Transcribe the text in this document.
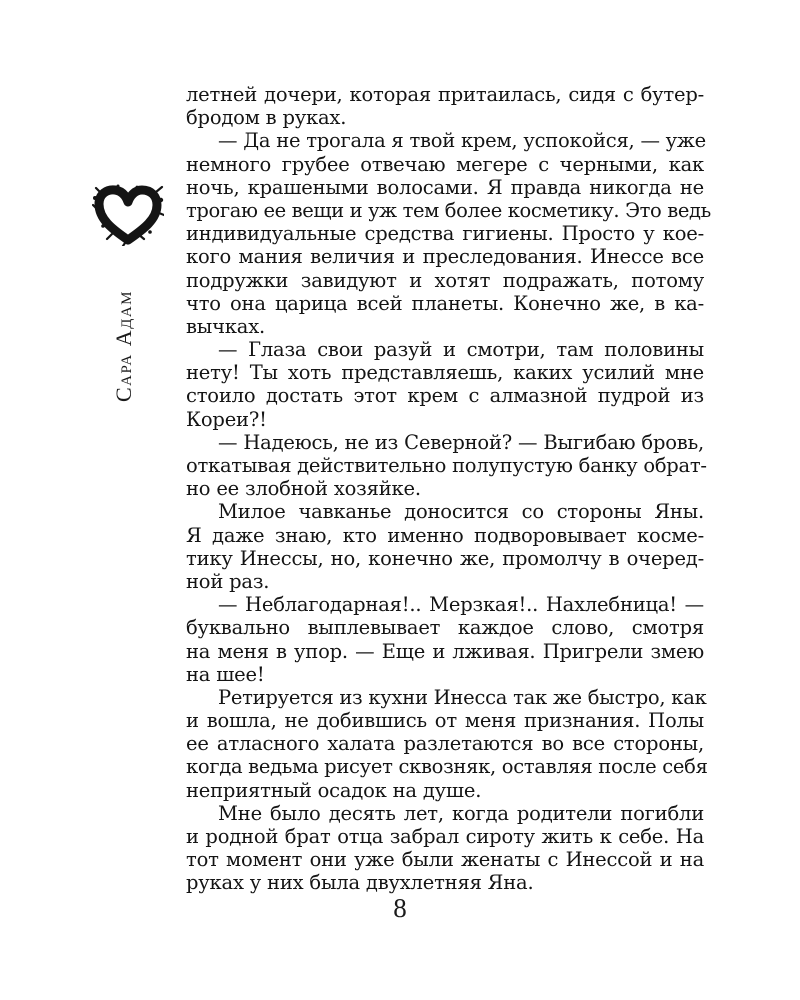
Сара Адам
летней дочери, которая притаилась, сидя с бутер-
бродом в руках.
— Да не трогала я твой крем, успокойся, — уже
немного грубее отвечаю мегере с черными, как
ночь, крашеными волосами. Я правда никогда не
трогаю ее вещи и уж тем более косметику. Это ведь
индивидуальные средства гигиены. Просто у кое-
кого мания величия и преследования. Инессе все
подружки завидуют и хотят подражать, потому
что она царица всей планеты. Конечно же, в ка-
вычках.
— Глаза свои разуй и смотри, там половины
нету! Ты хоть представляешь, каких усилий мне
стоило достать этот крем с алмазной пудрой из
Кореи?!
— Надеюсь, не из Северной? — Выгибаю бровь,
откатывая действительно полупустую банку обрат-
но ее злобной хозяйке.
Милое чавканье доносится со стороны Яны.
Я даже знаю, кто именно подворовывает косме-
тику Инессы, но, конечно же, промолчу в очеред-
ной раз.
— Неблагодарная!.. Мерзкая!.. Нахлебница! —
буквально выплевывает каждое слово, смотря
на меня в упор. — Еще и лживая. Пригрели змею
на шее!
Ретируется из кухни Инесса так же быстро, как
и вошла, не добившись от меня признания. Полы
ее атласного халата разлетаются во все стороны,
когда ведьма рисует сквозняк, оставляя после себя
неприятный осадок на душе.
Мне было десять лет, когда родители погибли
и родной брат отца забрал сироту жить к себе. На
тот момент они уже были женаты с Инессой и на
руках у них была двухлетняя Яна.
8
